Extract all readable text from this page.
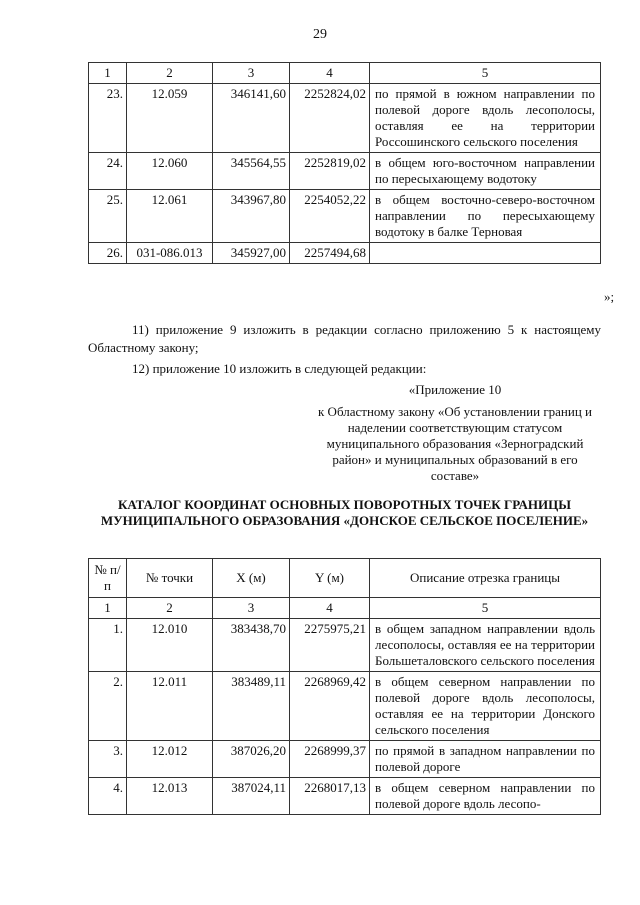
29
1	2	3	4	5
23.	12.059	346141,60	2252824,02	по прямой в южном направлении по полевой дороге вдоль лесополосы, оставляя ее на территории Россошинского сельского поселения
24.	12.060	345564,55	2252819,02	в общем юго-восточном направлении по пересыхающему водотоку
25.	12.061	343967,80	2254052,22	в общем восточно-северо-восточном направлении по пересыхающему водотоку в балке Терновая
26.	031-086.013	345927,00	2257494,68	
»;
11) приложение 9 изложить в редакции согласно приложению 5 к настоящему Областному закону;
12) приложение 10 изложить в следующей редакции:
«Приложение 10
к Областному закону «Об установлении границ и наделении соответствующим статусом муниципального образования «Зерноградский район» и муниципальных образований в его составе»
КАТАЛОГ КООРДИНАТ ОСНОВНЫХ ПОВОРОТНЫХ ТОЧЕК ГРАНИЦЫ МУНИЦИПАЛЬНОГО ОБРАЗОВАНИЯ «ДОНСКОЕ СЕЛЬСКОЕ ПОСЕЛЕНИЕ»
№ п/п	№ точки	X (м)	Y (м)	Описание отрезка границы
1	2	3	4	5
1.	12.010	383438,70	2275975,21	в общем западном направлении вдоль лесополосы, оставляя ее на территории Большеталовского сельского поселения
2.	12.011	383489,11	2268969,42	в общем северном направлении по полевой дороге вдоль лесополосы, оставляя ее на территории Донского сельского поселения
3.	12.012	387026,20	2268999,37	по прямой в западном направлении по полевой дороге
4.	12.013	387024,11	2268017,13	в общем северном направлении по полевой дороге вдоль лесопо-
